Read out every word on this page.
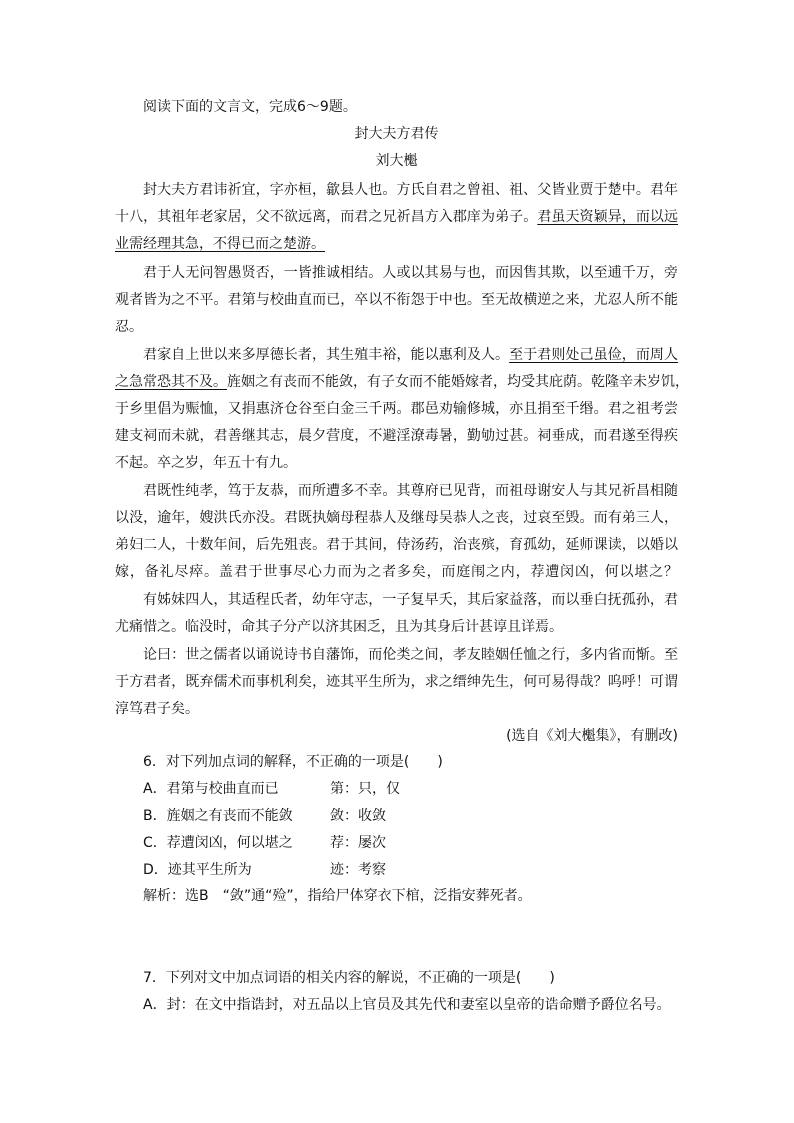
阅读下面的文言文，完成6～9题。
封大夫方君传
刘大櫆
封大夫方君讳祈宜，字亦桓，歙县人也。方氏自君之曾祖、祖、父皆业贾于楚中。君年
十八，其祖年老家居，父不欲远离，而君之兄祈昌方入郡庠为弟子。君虽天资颖异，而以远
业需经理其急，不得已而之楚游。
君于人无问智愚贤否，一皆推诚相结。人或以其易与也，而因售其欺，以至逋千万，旁
观者皆为之不平。君第与校曲直而已，卒以不衔怨于中也。至无故横逆之来，尤忍人所不能
忍。
君家自上世以来多厚德长者，其生殖丰裕，能以惠利及人。至于君则处己虽俭，而周人
之急常恐其不及。旌姻之有丧而不能敛，有子女而不能婚嫁者，均受其庇荫。乾隆辛未岁饥，
于乡里倡为赈恤，又捐惠济仓谷至白金三千两。郡邑劝输修城，亦且捐至千缗。君之祖考尝
建支祠而未就，君善继其志，晨夕营度，不避淫潦毒暑，勤劬过甚。祠垂成，而君遂至得疾
不起。卒之岁，年五十有九。
君既性纯孝，笃于友恭，而所遭多不幸。其尊府已见背，而祖母谢安人与其兄祈昌相随
以没，逾年，嫂洪氏亦没。君既执嫡母程恭人及继母吴恭人之丧，过哀至毁。而有弟三人，
弟妇二人，十数年间，后先殂丧。君于其间，侍汤药，治丧殡，育孤幼，延师课读，以婚以
嫁，备礼尽瘁。盖君于世事尽心力而为之者多矣，而庭闱之内，荐遭闵凶，何以堪之？
有姊妹四人，其适程氏者，幼年守志，一子复早夭，其后家益落，而以垂白抚孤孙，君
尤痛惜之。临没时，命其子分产以济其困乏，且为其身后计甚谆且详焉。
论曰：世之儒者以诵说诗书自藩饰，而伦类之间，孝友睦姻任恤之行，多内省而惭。至
于方君者，既弃儒术而事机利矣，迹其平生所为，求之缙绅先生，何可易得哉？呜呼！可谓
淳笃君子矣。
(选自《刘大櫆集》，有删改)
6．对下列加点词的解释，不正确的一项是(　　)
A．君第与校曲直而已	第：只，仅
B．旌姻之有丧而不能敛	敛：收敛
C．荐遭闵凶，何以堪之	荐：屡次
D．迹其平生所为	迹：考察
解析：选B　“敛”通“殓”，指给尸体穿衣下棺，泛指安葬死者。
7．下列对文中加点词语的相关内容的解说，不正确的一项是(　　)
A．封：在文中指诰封，对五品以上官员及其先代和妻室以皇帝的诰命赠予爵位名号。
